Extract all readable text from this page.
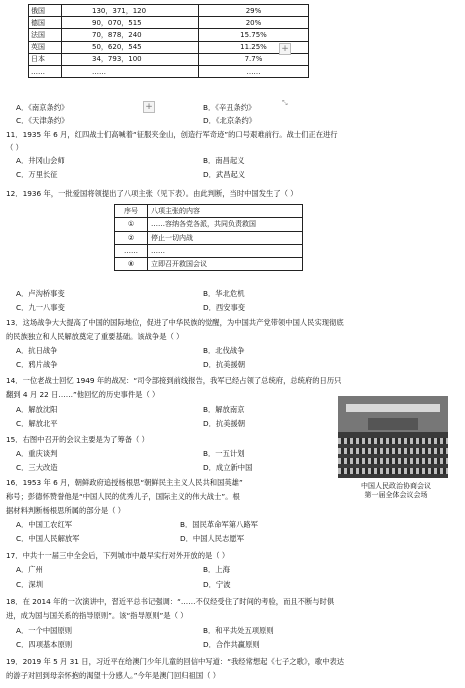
俄国	130，371，120	29%
德国	90，070，515	20%
法国	70，878，240	15.75%
英国	50，620，545	11.25%
日本	34，793，100	7.7%
……	……	……
+
+	⤡
A．《南京条约》	B．《辛丑条约》
C．《天津条约》	D．《北京条约》
11．1935 年 6 月，红四战士们高喊着“征服夹金山，创造行军奇迹”的口号艰难前行。战士们正在进行
（ ）
A．井冈山会师	B．南昌起义
C．万里长征	D．武昌起义
12．1936 年，一批爱国将领提出了八项主张（见下表）。由此判断，当时中国发生了（ ）
序号	八项主张的内容
①	……容纳各党各派，共同负责救国
②	停止一切内战
……	……
⑧	立即召开救国会议
A．卢沟桥事变	B．华北危机
C．九一八事变	D．西安事变
13．这场战争大大提高了中国的国际地位，促进了中华民族的觉醒，为中国共产党带领中国人民实现彻底
的民族独立和人民解放奠定了重要基础。该战争是（ ）
A．抗日战争	B．北伐战争
C．鸦片战争	D．抗美援朝
14．一位老战士回忆 1949 年的战况：“司令部接到前线报告，我军已经占领了总统府，总统府的日历只
翻到 4 月 22 日……”他回忆的历史事件是（ ）
A．解放沈阳	B．解放南京
C．解放北平	D．抗美援朝
中国人民政治协商会议
第一届全体会议会场
15．右图中召开的会议主要是为了筹备（ ）
A．重庆谈判	B．一五计划
C．三大改造	D．成立新中国
16．1953 年 6 月，朝鲜政府追授杨根思“朝鲜民主主义人民共和国英雄”
称号；彭德怀赞誉他是“中国人民的优秀儿子，国际主义的伟大战士”。根
据材料判断杨根思所属的部分是（ ）
A．中国工农红军	B．国民革命军第八路军
C．中国人民解放军	D．中国人民志愿军
17．中共十一届三中全会后，下列城市中最早实行对外开放的是（ ）
A．广州	B．上海
C．深圳	D．宁波
18．在 2014 年的一次演讲中，習近平总书记强调：“……不仅经受住了时间的考验，而且不断与时俱
进，成为国与国关系的指导原则”。该“指导原则”是（ ）
A．一个中国原则	B．和平共处五项原则
C．四项基本原则	D．合作共赢原则
19．2019 年 5 月 31 日，习近平在给澳门少年儿童的回信中写道：“我经常想起《七子之歌》，歌中表达
的游子对回到母亲怀抱的渴望十分感人。”今年是澳门回归祖国（ ）
